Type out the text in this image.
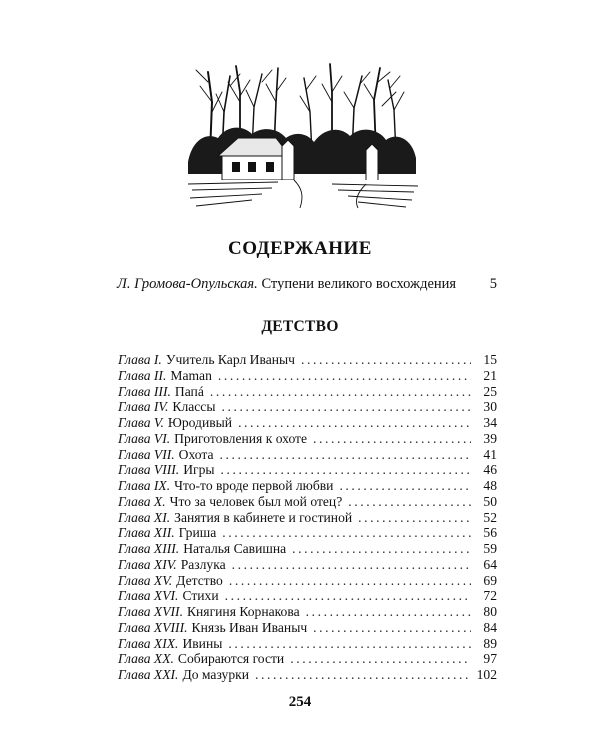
СОДЕРЖАНИЕ
Л. Громова-Опульская. Ступени великого восхождения 5
ДЕТСТВО
Глава I. Учитель Карл Иваныч .....	15
Глава II. Maman .....	21
Глава III. Папá .....	25
Глава IV. Классы .....	30
Глава V. Юродивый .....	34
Глава VI. Приготовления к охоте .....	39
Глава VII. Охота .....	41
Глава VIII. Игры .....	46
Глава IX. Что-то вроде первой любви .....	48
Глава X. Что за человек был мой отец? .....	50
Глава XI. Занятия в кабинете и гостиной .....	52
Глава XII. Гриша .....	56
Глава XIII. Наталья Савишна .....	59
Глава XIV. Разлука .....	64
Глава XV. Детство .....	69
Глава XVI. Стихи .....	72
Глава XVII. Княгиня Корнакова .....	80
Глава XVIII. Князь Иван Иваныч .....	84
Глава XIX. Ивины .....	89
Глава XX. Собираются гости .....	97
Глава XXI. До мазурки .....	102
254
